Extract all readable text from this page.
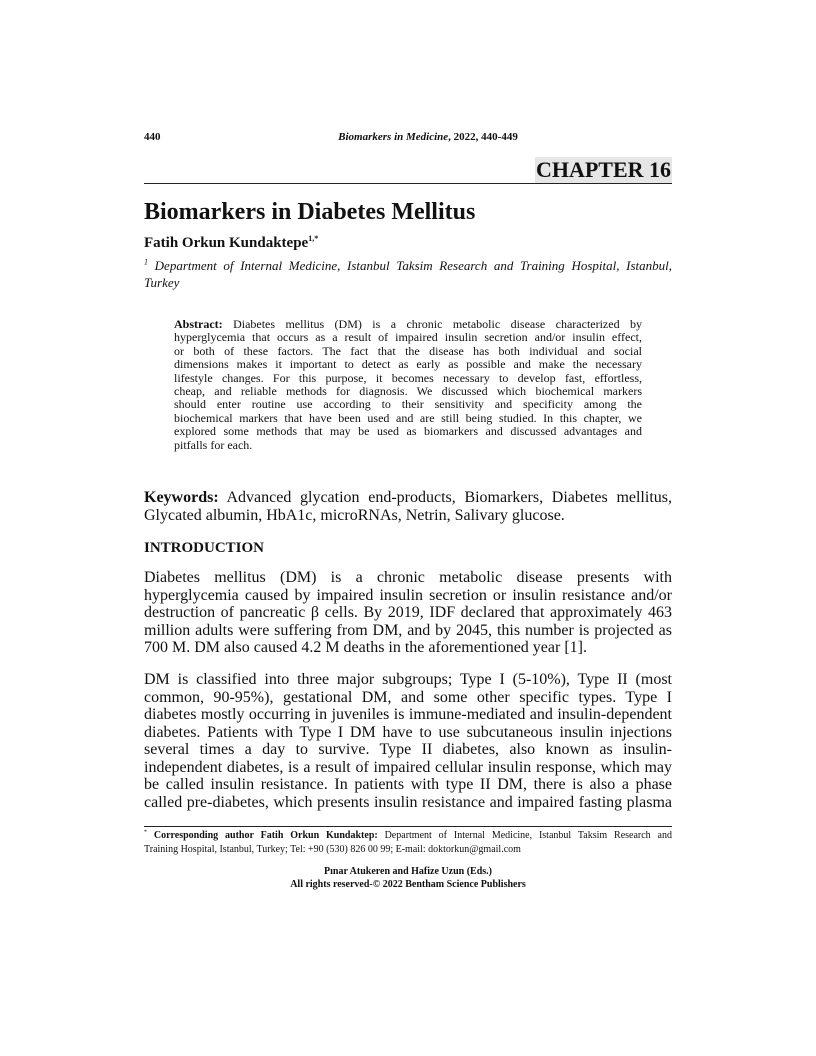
440	Biomarkers in Medicine, 2022, 440-449
CHAPTER 16
Biomarkers in Diabetes Mellitus
Fatih Orkun Kundaktepe$^{1,*}$
$^1$ Department of Internal Medicine, Istanbul Taksim Research and Training Hospital, Istanbul,
Turkey
Abstract: Diabetes mellitus (DM) is a chronic metabolic disease characterized by
hyperglycemia that occurs as a result of impaired insulin secretion and/or insulin effect,
or both of these factors. The fact that the disease has both individual and social
dimensions makes it important to detect as early as possible and make the necessary
lifestyle changes. For this purpose, it becomes necessary to develop fast, effortless,
cheap, and reliable methods for diagnosis. We discussed which biochemical markers
should enter routine use according to their sensitivity and specificity among the
biochemical markers that have been used and are still being studied. In this chapter, we
explored some methods that may be used as biomarkers and discussed advantages and
pitfalls for each.
Keywords: Advanced glycation end-products, Biomarkers, Diabetes mellitus,
Glycated albumin, HbA1c, microRNAs, Netrin, Salivary glucose.
INTRODUCTION
Diabetes mellitus (DM) is a chronic metabolic disease presents with
hyperglycemia caused by impaired insulin secretion or insulin resistance and/or
destruction of pancreatic β cells. By 2019, IDF declared that approximately 463
million adults were suffering from DM, and by 2045, this number is projected as
700 M. DM also caused 4.2 M deaths in the aforementioned year [1].
DM is classified into three major subgroups; Type I (5-10%), Type II (most
common, 90-95%), gestational DM, and some other specific types. Type I
diabetes mostly occurring in juveniles is immune-mediated and insulin-dependent
diabetes. Patients with Type I DM have to use subcutaneous insulin injections
several times a day to survive. Type II diabetes, also known as insulin-
independent diabetes, is a result of impaired cellular insulin response, which may
be called insulin resistance. In patients with type II DM, there is also a phase
called pre-diabetes, which presents insulin resistance and impaired fasting plasma
* Corresponding author Fatih Orkun Kundaktep: Department of Internal Medicine, Istanbul Taksim Research and
Training Hospital, Istanbul, Turkey; Tel: +90 (530) 826 00 99; E-mail: doktorkun@gmail.com
Pınar Atukeren and Hafize Uzun (Eds.)
All rights reserved-© 2022 Bentham Science Publishers
